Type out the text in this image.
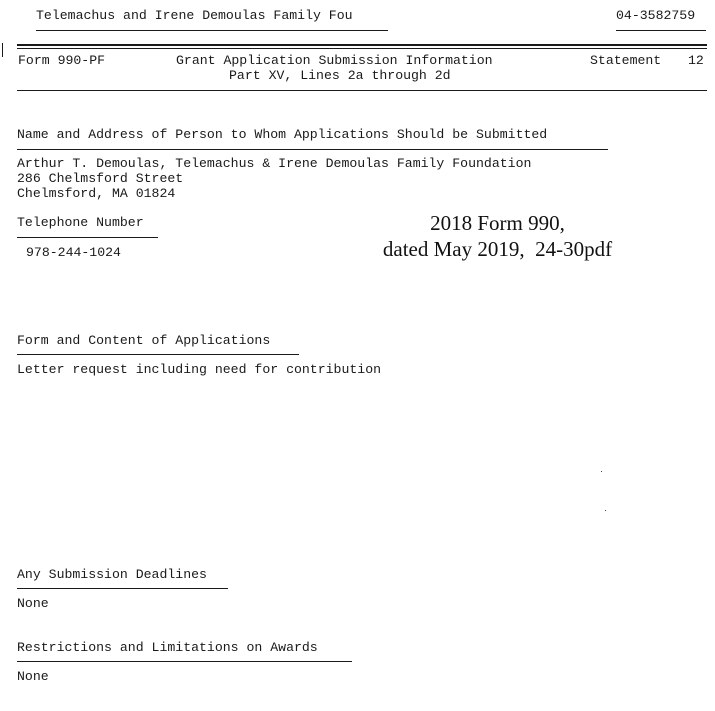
Telemachus and Irene Demoulas Family Fou	04-3582759
Form 990-PF	Grant Application Submission Information
Part XV, Lines 2a through 2d
Statement 12
Name and Address of Person to Whom Applications Should be Submitted
Arthur T. Demoulas, Telemachus & Irene Demoulas Family Foundation
286 Chelmsford Street
Chelmsford, MA 01824
Telephone Number
978-244-1024
2018 Form 990,
dated May 2019,  24-30pdf
Form and Content of Applications
Letter request including need for contribution
Any Submission Deadlines
None
Restrictions and Limitations on Awards
None
